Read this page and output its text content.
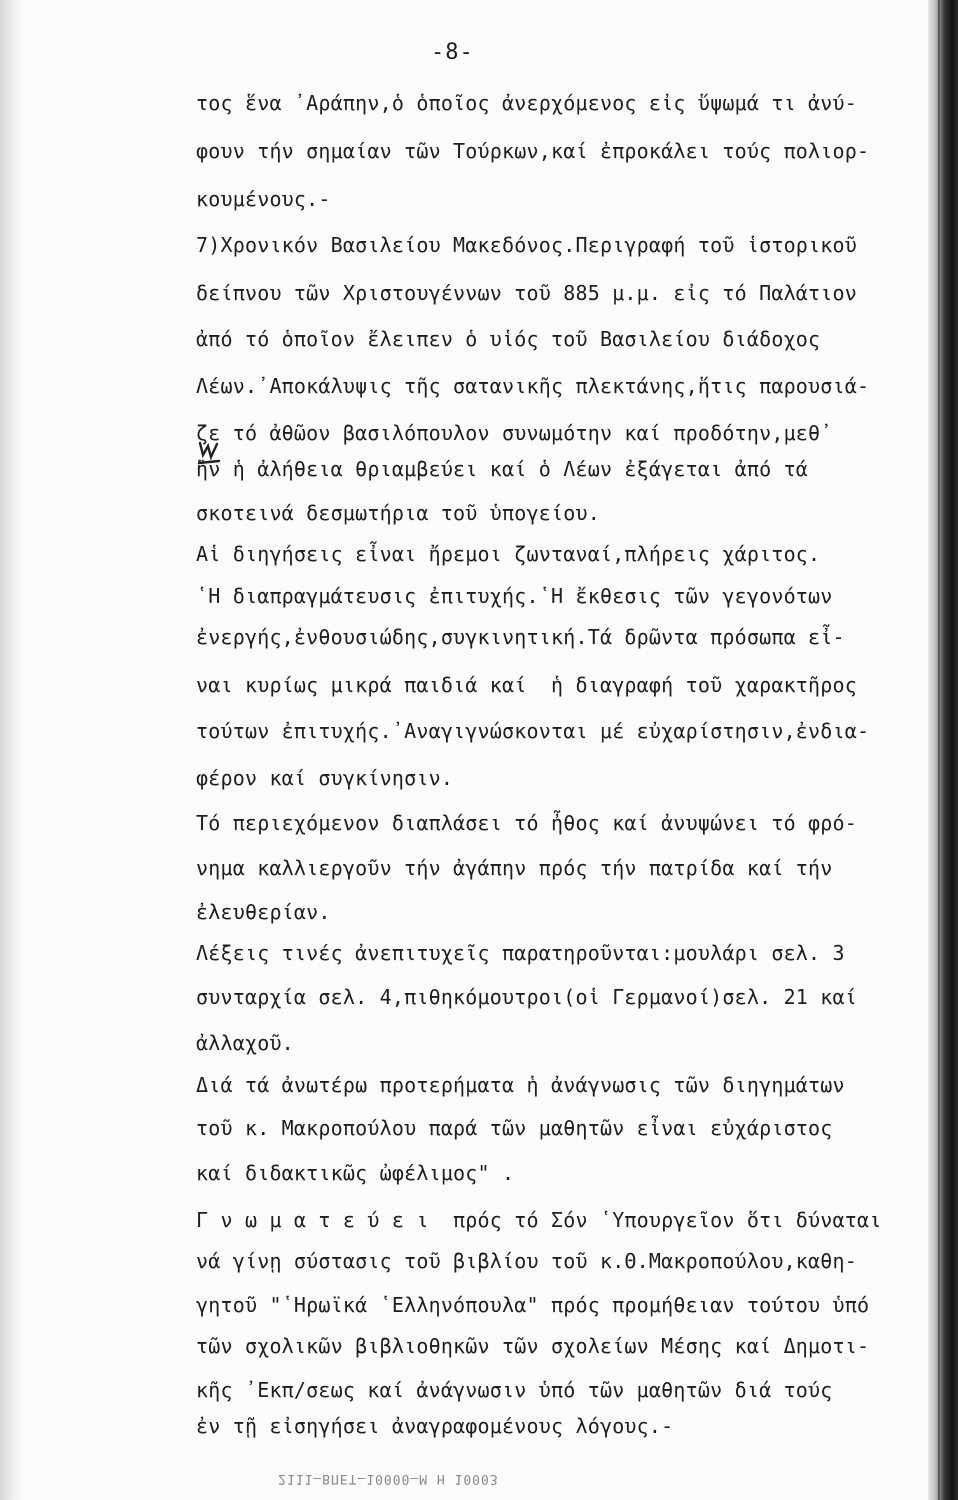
-8-
τος ἕνα ᾿Αράπην,ὁ ὁποῖος ἀνερχόμενος εἰς ὕψωμά τι ἀνύ-
φουν τήν σημαίαν τῶν Τούρκων,καί ἐπροκάλει τούς πολιορ-
κουμένους.-
7)Χρονικόν Βασιλείου Μακεδόνος.Περιγραφή τοῦ ἱστορικοῦ
δείπνου τῶν Χριστουγέννων τοῦ 885 μ.μ. εἰς τό Παλάτιον
ἀπό τό ὁποῖον ἔλειπεν ὁ υἱός τοῦ Βασιλείου διάδοχος
Λέων.᾿Αποκάλυψις τῆς σατανικῆς πλεκτάνης,ἥτις παρουσιά-
ζε τό ἀθῶον βασιλόπουλον συνωμότην καί προδότην,μεθ᾿
ἣν ἡ ἀλήθεια θριαμβεύει καί ὁ Λέων ἐξάγεται ἀπό τά
σκοτεινά δεσμωτήρια τοῦ ὑπογείου.
Αἱ διηγήσεις εἶναι ἤρεμοι ζωνταναί,πλήρεις χάριτος.
῾Η διαπραγμάτευσις ἐπιτυχής.῾Η ἔκθεσις τῶν γεγονότων
ἐνεργής,ἐνθουσιώδης,συγκινητική.Τά δρῶντα πρόσωπα εἶ-
ναι κυρίως μικρά παιδιά καί  ἡ διαγραφή τοῦ χαρακτῆρος
τούτων ἐπιτυχής.᾿Αναγιγνώσκονται μέ εὐχαρίστησιν,ἐνδια-
φέρον καί συγκίνησιν.
Τό περιεχόμενον διαπλάσει τό ἦθος καί ἀνυψώνει τό φρό-
νημα καλλιεργοῦν τήν ἀγάπην πρός τήν πατρίδα καί τήν
ἐλευθερίαν.
Λέξεις τινές ἀνεπιτυχεῖς παρατηροῦνται:μουλάρι σελ. 3
συνταρχία σελ. 4,πιθηκόμουτροι(οἱ Γερμανοί)σελ. 21 καί
ἀλλαχοῦ.
Διά τά ἀνωτέρω προτερήματα ἡ ἀνάγνωσις τῶν διηγημάτων
τοῦ κ. Μακροπούλου παρά τῶν μαθητῶν εἶναι εὐχάριστος
καί διδακτικῶς ὠφέλιμος" .
Γ ν ω μ α τ ε ύ ε ι  πρός τό Σόν ῾Υπουργεῖον ὅτι δύναται
νά γίνῃ σύστασις τοῦ βιβλίου τοῦ κ.Θ.Μακροπούλου,καθη-
γητοῦ "῾Ηρωϊκά ῾Ελληνόπουλα" πρός προμήθειαν τούτου ὑπό
τῶν σχολικῶν βιβλιοθηκῶν τῶν σχολείων Μέσης καί Δημοτι-
κῆς ᾿Εκπ/σεως καί ἀνάγνωσιν ὑπό τῶν μαθητῶν διά τούς
ἐν τῇ εἰσηγήσει ἀναγραφομένους λόγους.-
2111—ΒΠΕΤ—10000—Μ Η 10003
